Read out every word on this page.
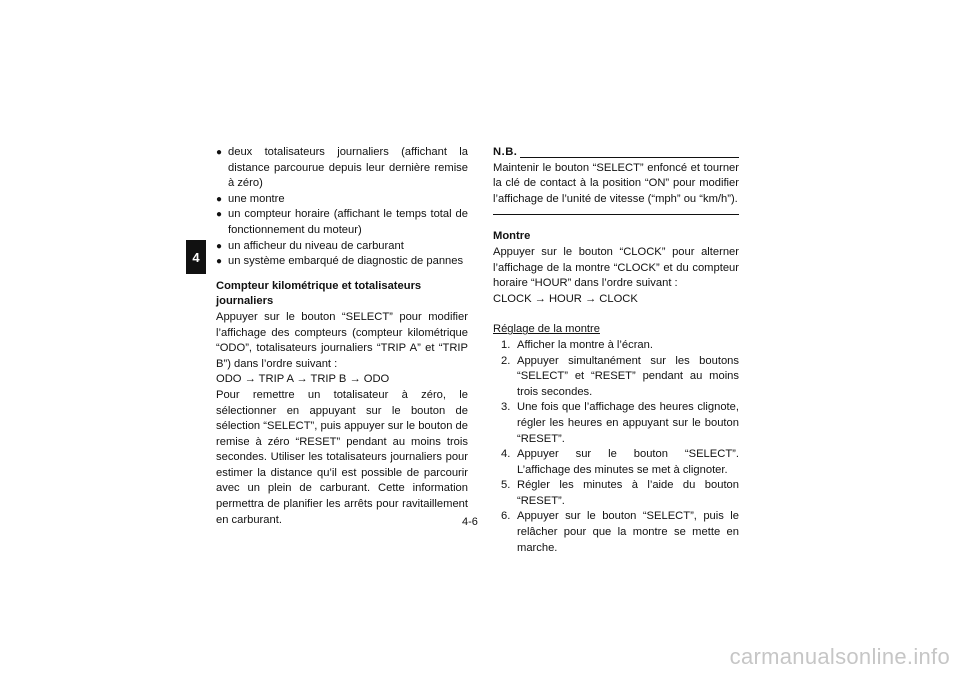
4
● deux totalisateurs journaliers (affichant la distance parcourue depuis leur dernière remise à zéro)
● une montre
● un compteur horaire (affichant le temps total de fonctionnement du moteur)
● un afficheur du niveau de carburant
● un système embarqué de diagnostic de pannes
Compteur kilométrique et totalisateurs journaliers

Appuyer sur le bouton “SELECT” pour modifier l’affichage des compteurs (compteur kilométrique “ODO”, totalisateurs journaliers “TRIP A” et “TRIP B”) dans l’ordre suivant :

ODO → TRIP A → TRIP B → ODO

Pour remettre un totalisateur à zéro, le sélectionner en appuyant sur le bouton de sélection “SELECT”, puis appuyer sur le bouton de remise à zéro “RESET” pendant au moins trois secondes. Utiliser les totalisateurs journaliers pour estimer la distance qu’il est possible de parcourir avec un plein de carburant. Cette information permettra de planifier les arrêts pour ravitaillement en carburant.

N.B.

Maintenir le bouton “SELECT” enfoncé et tourner la clé de contact à la position “ON” pour modifier l’affichage de l’unité de vitesse (“mph” ou “km/h”).

Montre

Appuyer sur le bouton “CLOCK” pour alterner l’affichage de la montre “CLOCK” et du compteur horaire “HOUR” dans l’ordre suivant :

CLOCK → HOUR → CLOCK

Réglage de la montre
1. Afficher la montre à l’écran.
2. Appuyer simultanément sur les boutons “SELECT” et “RESET” pendant au moins trois secondes.
3. Une fois que l’affichage des heures clignote, régler les heures en appuyant sur le bouton “RESET”.
4. Appuyer sur le bouton “SELECT”. L’affichage des minutes se met à clignoter.
5. Régler les minutes à l’aide du bouton “RESET”.
6. Appuyer sur le bouton “SELECT”, puis le relâcher pour que la montre se mette en marche.
4-6
carmanualsonline.info
